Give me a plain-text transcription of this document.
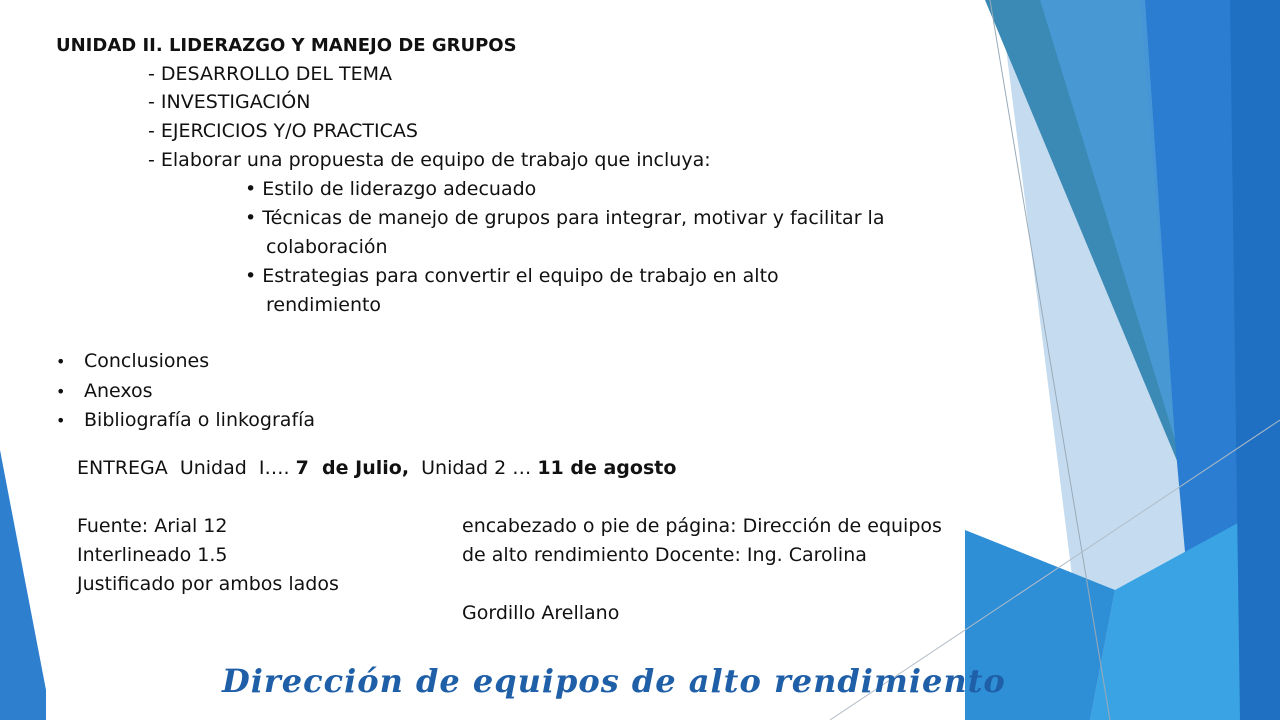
UNIDAD II. LIDERAZGO Y MANEJO DE GRUPOS
- DESARROLLO DEL TEMA
- INVESTIGACIÓN
- EJERCICIOS Y/O PRACTICAS
- Elaborar una propuesta de equipo de trabajo que incluya:
• Estilo de liderazgo adecuado
• Técnicas de manejo de grupos para integrar, motivar y facilitar la
colaboración
• Estrategias para convertir el equipo de trabajo en alto
rendimiento
• Conclusiones
• Anexos
• Bibliografía o linkografía
ENTREGA  Unidad  I…. 7  de Julio,  Unidad 2 … 11 de agosto
Fuente: Arial 12
Interlineado 1.5
Justificado por ambos lados
encabezado o pie de página: Dirección de equipos
de alto rendimiento Docente: Ing. Carolina
Gordillo Arellano
Dirección de equipos de alto rendimiento
